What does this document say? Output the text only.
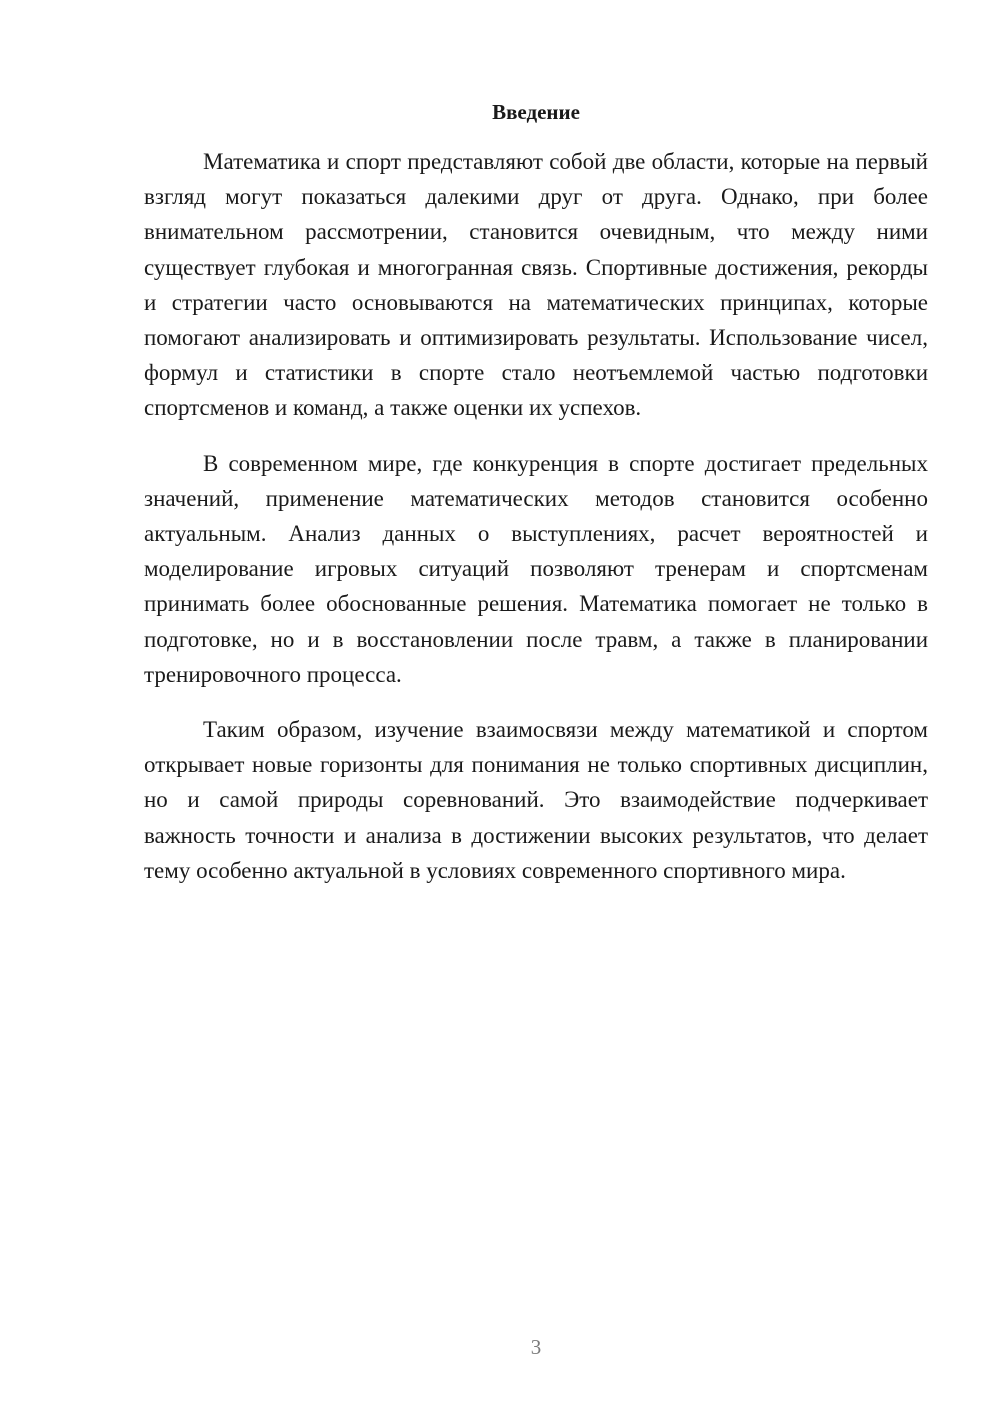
Введение

Математика и спорт представляют собой две области, которые на первый взгляд могут показаться далекими друг от друга. Однако, при более внимательном рассмотрении, становится очевидным, что между ними существует глубокая и многогранная связь. Спортивные достижения, рекорды и стратегии часто основываются на математических принципах, которые помогают анализировать и оптимизировать результаты. Использование чисел, формул и статистики в спорте стало неотъемлемой частью подготовки спортсменов и команд, а также оценки их успехов.

В современном мире, где конкуренция в спорте достигает предельных значений, применение математических методов становится особенно актуальным. Анализ данных о выступлениях, расчет вероятностей и моделирование игровых ситуаций позволяют тренерам и спортсменам принимать более обоснованные решения. Математика помогает не только в подготовке, но и в восстановлении после травм, а также в планировании тренировочного процесса.

Таким образом, изучение взаимосвязи между математикой и спортом открывает новые горизонты для понимания не только спортивных дисциплин, но и самой природы соревнований. Это взаимодействие подчеркивает важность точности и анализа в достижении высоких результатов, что делает тему особенно актуальной в условиях современного спортивного мира.

3
